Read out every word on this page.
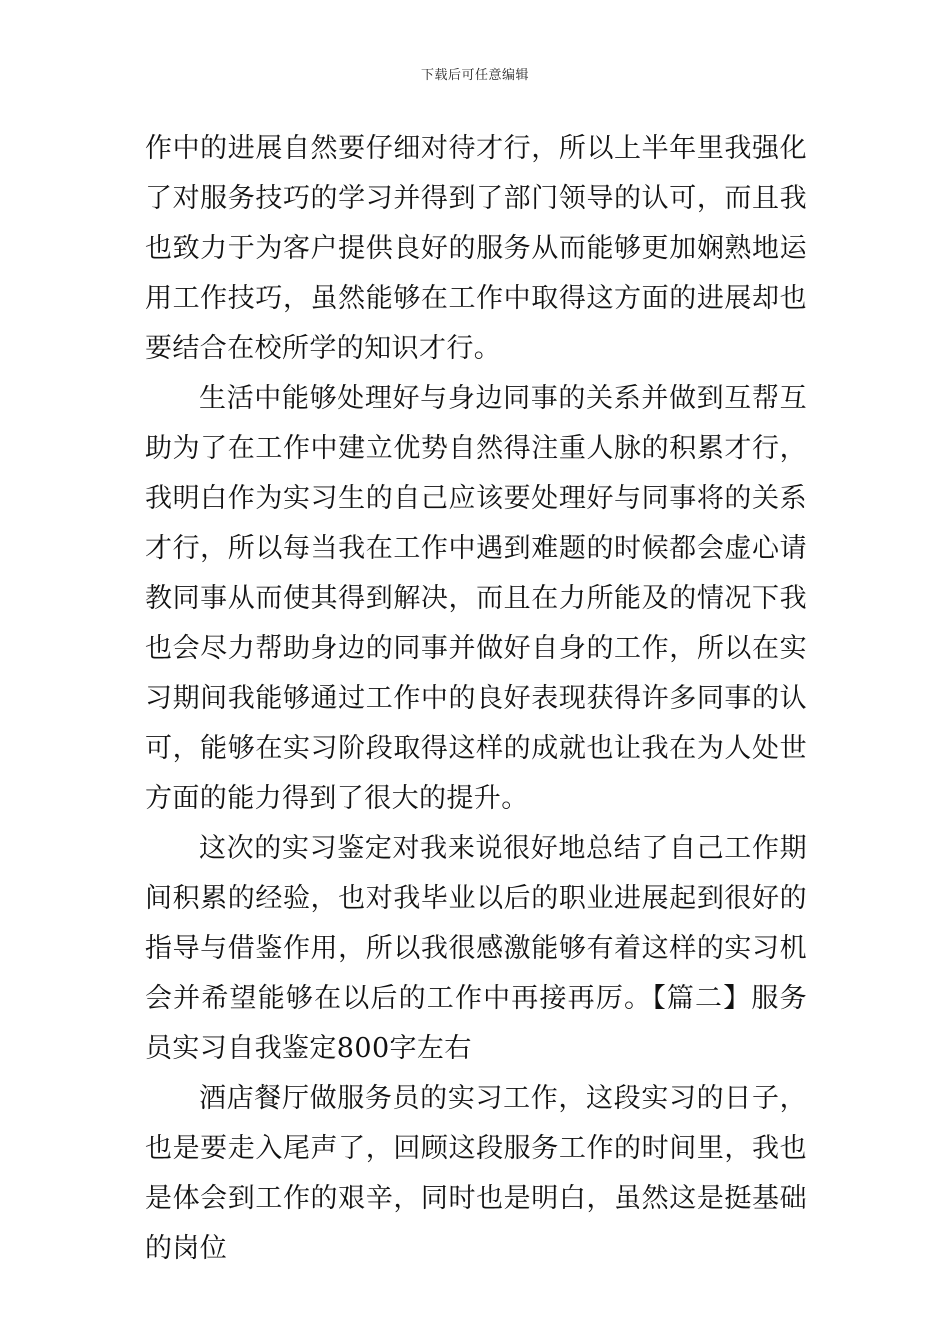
下载后可任意编辑

作中的进展自然要仔细对待才行，所以上半年里我强化了对服务技巧的学习并得到了部门领导的认可，而且我也致力于为客户提供良好的服务从而能够更加娴熟地运用工作技巧，虽然能够在工作中取得这方面的进展却也要结合在校所学的知识才行。

生活中能够处理好与身边同事的关系并做到互帮互助为了在工作中建立优势自然得注重人脉的积累才行，我明白作为实习生的自己应该要处理好与同事将的关系才行，所以每当我在工作中遇到难题的时候都会虚心请教同事从而使其得到解决，而且在力所能及的情况下我也会尽力帮助身边的同事并做好自身的工作，所以在实习期间我能够通过工作中的良好表现获得许多同事的认可，能够在实习阶段取得这样的成就也让我在为人处世方面的能力得到了很大的提升。

这次的实习鉴定对我来说很好地总结了自己工作期间积累的经验，也对我毕业以后的职业进展起到很好的指导与借鉴作用，所以我很感激能够有着这样的实习机会并希望能够在以后的工作中再接再厉。【篇二】服务员实习自我鉴定800字左右

酒店餐厅做服务员的实习工作，这段实习的日子，也是要走入尾声了，回顾这段服务工作的时间里，我也是体会到工作的艰辛，同时也是明白，虽然这是挺基础的岗位
